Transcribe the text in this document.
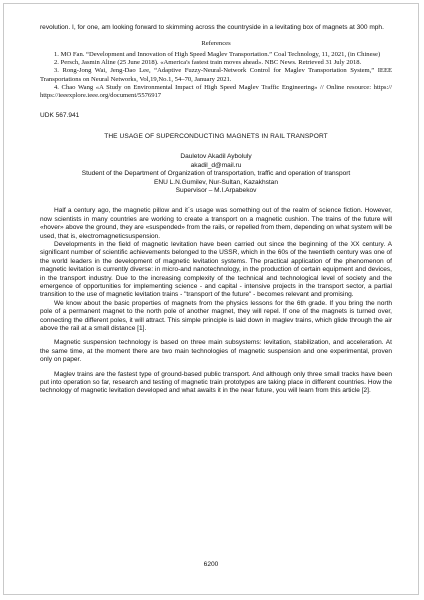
revolution. I, for one, am looking forward to skimming across the countryside in a levitating box of magnets at 300 mph.

References

1. MO Fan. “Development and Innovation of High Speed Maglev Transportation.” Coal Technology, 11, 2021, (in Chinese)

2. Persch, Jasmin Aline (25 June 2018). «America's fastest train moves ahead». NBC News. Retrieved 31 July 2018.

3. Rong-Jong Wai, Jeng-Dao Lee, “Adaptive Fuzzy-Neural-Network Control for Maglev Transportation System,” IEEE Transportations on Neural Networks, Vol,19,No.1, 54–70, January 2021.

4. Chao Wang «A Study on Environmental Impact of High Speed Maglev Traffic Engineering» // Online resource: https:// https://ieeexplore.ieee.org/document/5576917

UDK 567.941

THE USAGE OF SUPERCONDUCTING MAGNETS IN RAIL TRANSPORT

Dauletov Akadil Aybolulу

akadil_d@mail.ru

Student of the Department of Organization of transportation, traffic and operation of transport

ENU L.N.Gumilev, Nur-Sultan, Kazakhstan

Supervisor – M.I.Arpabekov

Half a century ago, the magnetic pillow and it`s usage was something out of the realm of science fiction. However, now scientists in many countries are working to create a transport on a magnetic cushion. The trains of the future will «hover» above the ground, they are «suspended» from the rails, or repelled from them, depending on what system will be used, that is, electromagneticsuspension.

Developments in the field of magnetic levitation have been carried out since the beginning of the XX century. A significant number of scientific achievements belonged to the USSR, which in the 60s of the twentieth century was one of the world leaders in the development of magnetic levitation systems. The practical application of the phenomenon of magnetic levitation is currently diverse: in micro-and nanotechnology, in the production of certain equipment and devices, in the transport industry. Due to the increasing complexity of the technical and technological level of society and the emergence of opportunities for implementing science - and capital - intensive projects in the transport sector, a partial transition to the use of magnetic levitation trains - "transport of the future" - becomes relevant and promising.

We know about the basic properties of magnets from the physics lessons for the 6th grade. If you bring the north pole of a permanent magnet to the north pole of another magnet, they will repel. If one of the magnets is turned over, connecting the different poles, it will attract. This simple principle is laid down in maglev trains, which glide through the air above the rail at a small distance [1].

Magnetic suspension technology is based on three main subsystems: levitation, stabilization, and acceleration. At the same time, at the moment there are two main technologies of magnetic suspension and one experimental, proven only on paper.

Maglev trains are the fastest type of ground-based public transport. And although only three small tracks have been put into operation so far, research and testing of magnetic train prototypes are taking place in different countries. How the technology of magnetic levitation developed and what awaits it in the near future, you will learn from this article [2].

6200
